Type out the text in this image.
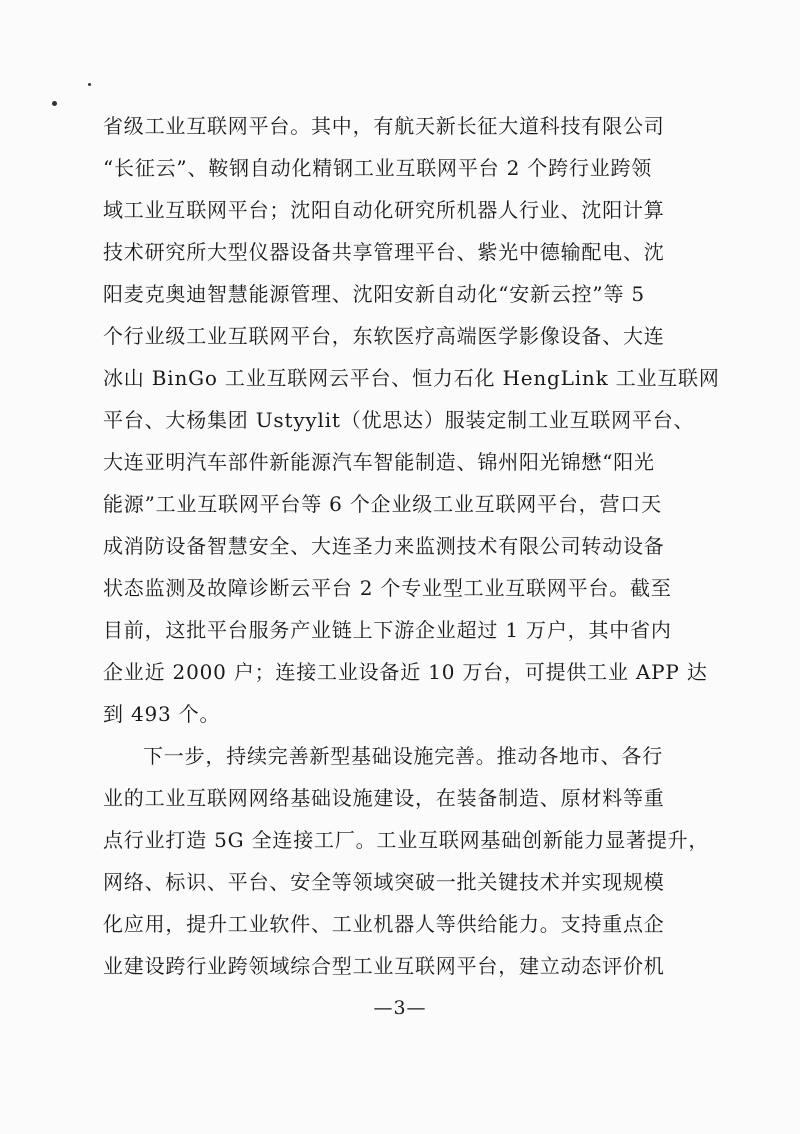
省级工业互联网平台。其中，有航天新长征大道科技有限公司
“长征云”、鞍钢自动化精钢工业互联网平台 2 个跨行业跨领
域工业互联网平台；沈阳自动化研究所机器人行业、沈阳计算
技术研究所大型仪器设备共享管理平台、紫光中德输配电、沈
阳麦克奥迪智慧能源管理、沈阳安新自动化“安新云控”等 5
个行业级工业互联网平台，东软医疗高端医学影像设备、大连
冰山 BinGo 工业互联网云平台、恒力石化 HengLink 工业互联网
平台、大杨集团 Ustyylit（优思达）服装定制工业互联网平台、
大连亚明汽车部件新能源汽车智能制造、锦州阳光锦懋“阳光
能源”工业互联网平台等 6 个企业级工业互联网平台，营口天
成消防设备智慧安全、大连圣力来监测技术有限公司转动设备
状态监测及故障诊断云平台 2 个专业型工业互联网平台。截至
目前，这批平台服务产业链上下游企业超过 1 万户，其中省内
企业近 2000 户；连接工业设备近 10 万台，可提供工业 APP 达
到 493 个。
下一步，持续完善新型基础设施完善。推动各地市、各行
业的工业互联网网络基础设施建设，在装备制造、原材料等重
点行业打造 5G 全连接工厂。工业互联网基础创新能力显著提升，
网络、标识、平台、安全等领域突破一批关键技术并实现规模
化应用，提升工业软件、工业机器人等供给能力。支持重点企
业建设跨行业跨领域综合型工业互联网平台，建立动态评价机
—3—
